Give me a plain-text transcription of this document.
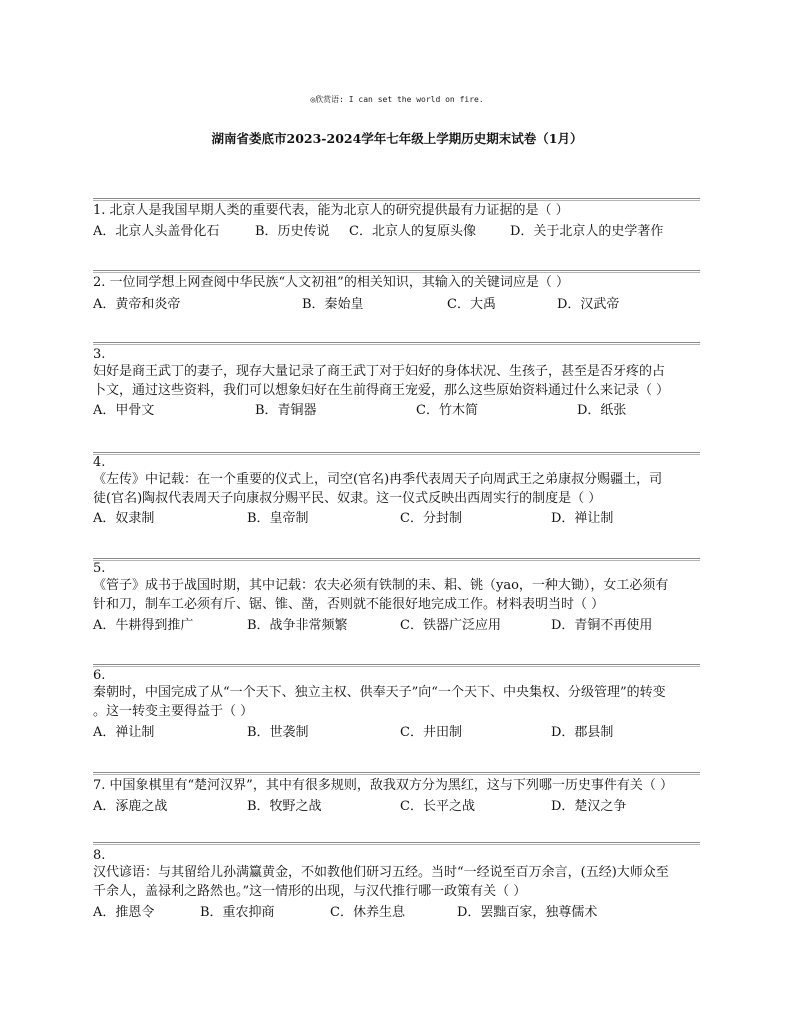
◎欣赏语: I can set the world on fire.
湖南省娄底市2023-2024学年七年级上学期历史期末试卷（1月）
1. 北京人是我国早期人类的重要代表，能为北京人的研究提供最有力证据的是（ ）
A．北京人头盖骨化石	B．历史传说 C．北京人的复原头像	D．关于北京人的史学著作
2. 一位同学想上网查阅中华民族“人文初祖”的相关知识，其输入的关键词应是（ ）
A．黄帝和炎帝	B．秦始皇	C．大禹	D．汉武帝
3.
妇好是商王武丁的妻子，现存大量记录了商王武丁对于妇好的身体状况、生孩子，甚至是否牙疼的占
卜文，通过这些资料，我们可以想象妇好在生前得商王宠爱，那么这些原始资料通过什么来记录（ ）
A．甲骨文	B．青铜器	C．竹木简	D．纸张
4.
《左传》中记载：在一个重要的仪式上，司空(官名)冉季代表周天子向周武王之弟康叔分赐疆土，司
徒(官名)陶叔代表周天子向康叔分赐平民、奴隶。这一仪式反映出西周实行的制度是（ ）
A．奴隶制	B．皇帝制	C．分封制	D．禅让制
5.
《管子》成书于战国时期，其中记载：农夫必须有铁制的耒、耜、铫（yao，一种大锄），女工必须有
针和刀，制车工必须有斤、锯、锥、凿，否则就不能很好地完成工作。材料表明当时（ ）
A．牛耕得到推广	B．战争非常频繁	C．铁器广泛应用	D．青铜不再使用
6.
秦朝时，中国完成了从“一个天下、独立主权、供奉天子”向“一个天下、中央集权、分级管理”的转变
。这一转变主要得益于（ ）
A．禅让制	B．世袭制	C．井田制	D．郡县制
7. 中国象棋里有“楚河汉界”，其中有很多规则，敌我双方分为黑红，这与下列哪一历史事件有关（ ）
A．涿鹿之战	B．牧野之战	C．长平之战	D．楚汉之争
8.
汉代谚语：与其留给儿孙满籝黄金，不如教他们研习五经。当时“一经说至百万余言，(五经)大师众至
千余人，盖禄利之路然也。”这一情形的出现，与汉代推行哪一政策有关（ ）
A．推恩令	B．重农抑商	C．休养生息	D．罢黜百家，独尊儒术
